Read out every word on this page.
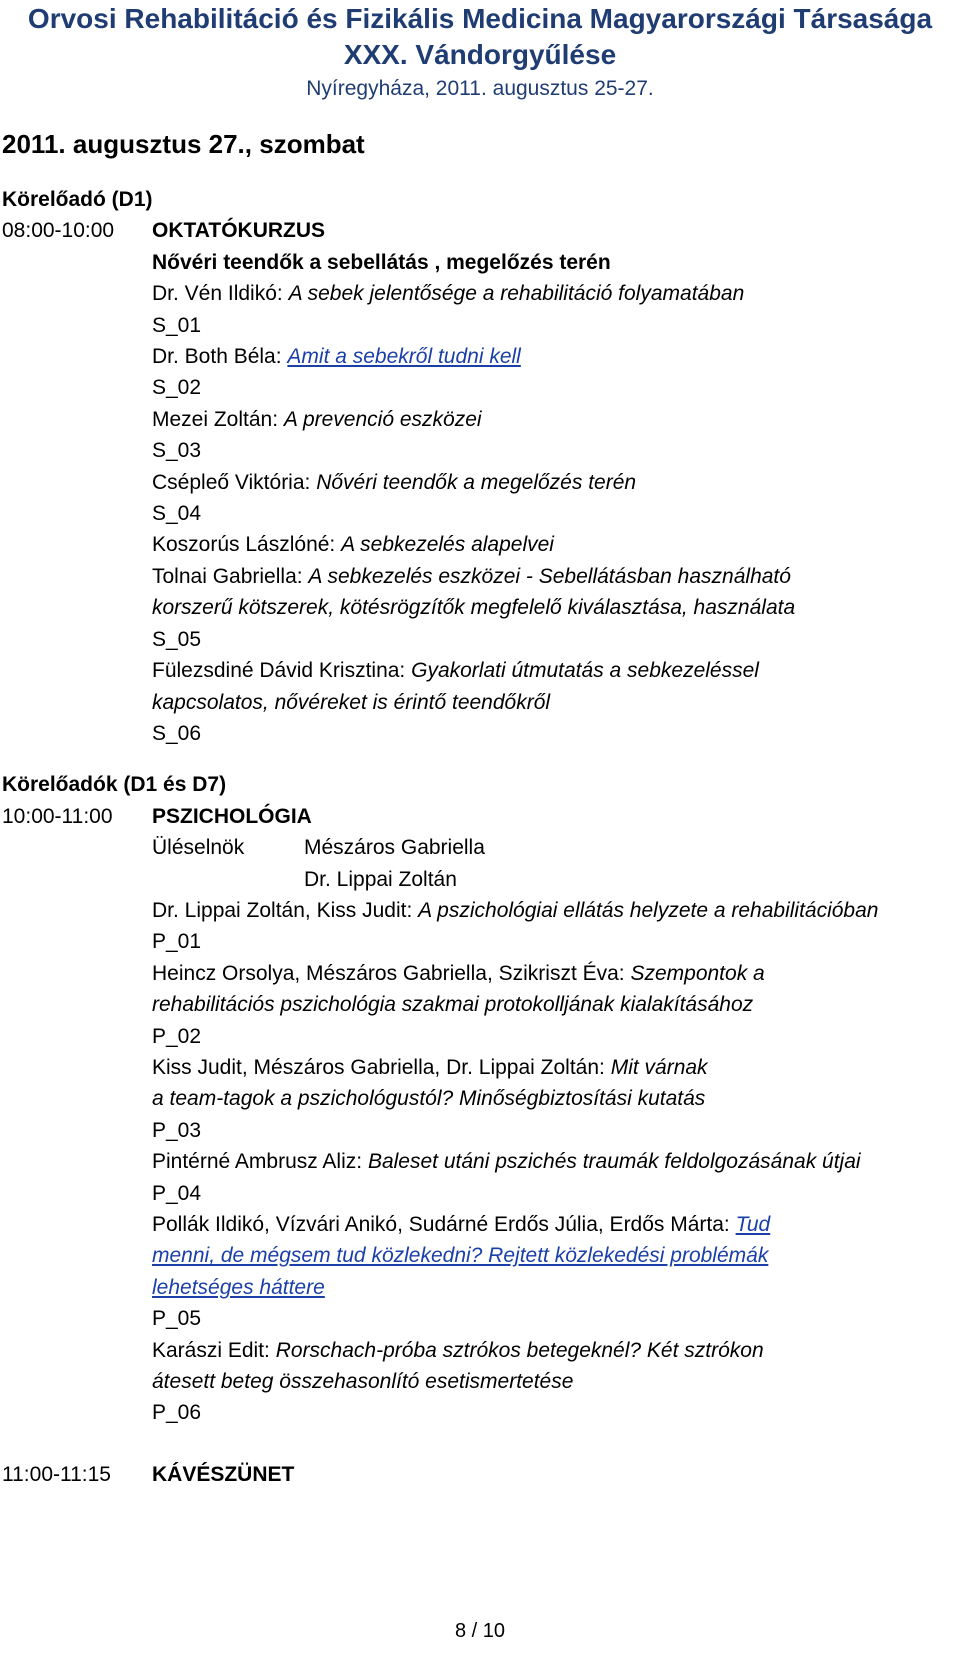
Orvosi Rehabilitáció és Fizikális Medicina Magyarországi Társasága
XXX. Vándorgyűlése
Nyíregyháza, 2011. augusztus 25-27.
2011. augusztus 27., szombat
Körelőadó (D1)
08:00-10:00	OKTATÓKURZUS
Nővéri teendők a sebellátás , megelőzés terén
Dr. Vén Ildikó: A sebek jelentősége a rehabilitáció folyamatában
S_01
Dr. Both Béla: Amit a sebekről tudni kell
S_02
Mezei Zoltán: A prevenció eszközei
S_03
Csépleő Viktória: Nővéri teendők a megelőzés terén
S_04
Koszorús Lászlóné: A sebkezelés alapelvei
Tolnai Gabriella: A sebkezelés eszközei - Sebellátásban használható
korszerű kötszerek, kötésrögzítők megfelelő kiválasztása, használata
S_05
Fülezsdiné Dávid Krisztina: Gyakorlati útmutatás a sebkezeléssel
kapcsolatos, nővéreket is érintő teendőkről
S_06
Körelőadók (D1 és D7)
10:00-11:00	PSZICHOLÓGIA
Üléselnök	Mészáros Gabriella
Dr. Lippai Zoltán
Dr. Lippai Zoltán, Kiss Judit: A pszichológiai ellátás helyzete a rehabilitációban
P_01
Heincz Orsolya, Mészáros Gabriella, Szikriszt Éva: Szempontok a
rehabilitációs pszichológia szakmai protokolljának kialakításához
P_02
Kiss Judit, Mészáros Gabriella, Dr. Lippai Zoltán: Mit várnak
a team-tagok a pszichológustól? Minőségbiztosítási kutatás
P_03
Pintérné Ambrusz Aliz: Baleset utáni pszichés traumák feldolgozásának útjai
P_04
Pollák Ildikó, Vízvári Anikó, Sudárné Erdős Júlia, Erdős Márta: Tud
menni, de mégsem tud közlekedni? Rejtett közlekedési problémák
lehetséges háttere
P_05
Karászi Edit: Rorschach-próba sztrókos betegeknél? Két sztrókon
átesett beteg összehasonlító esetismertetése
P_06
11:00-11:15	KÁVÉSZÜNET
8 / 10
